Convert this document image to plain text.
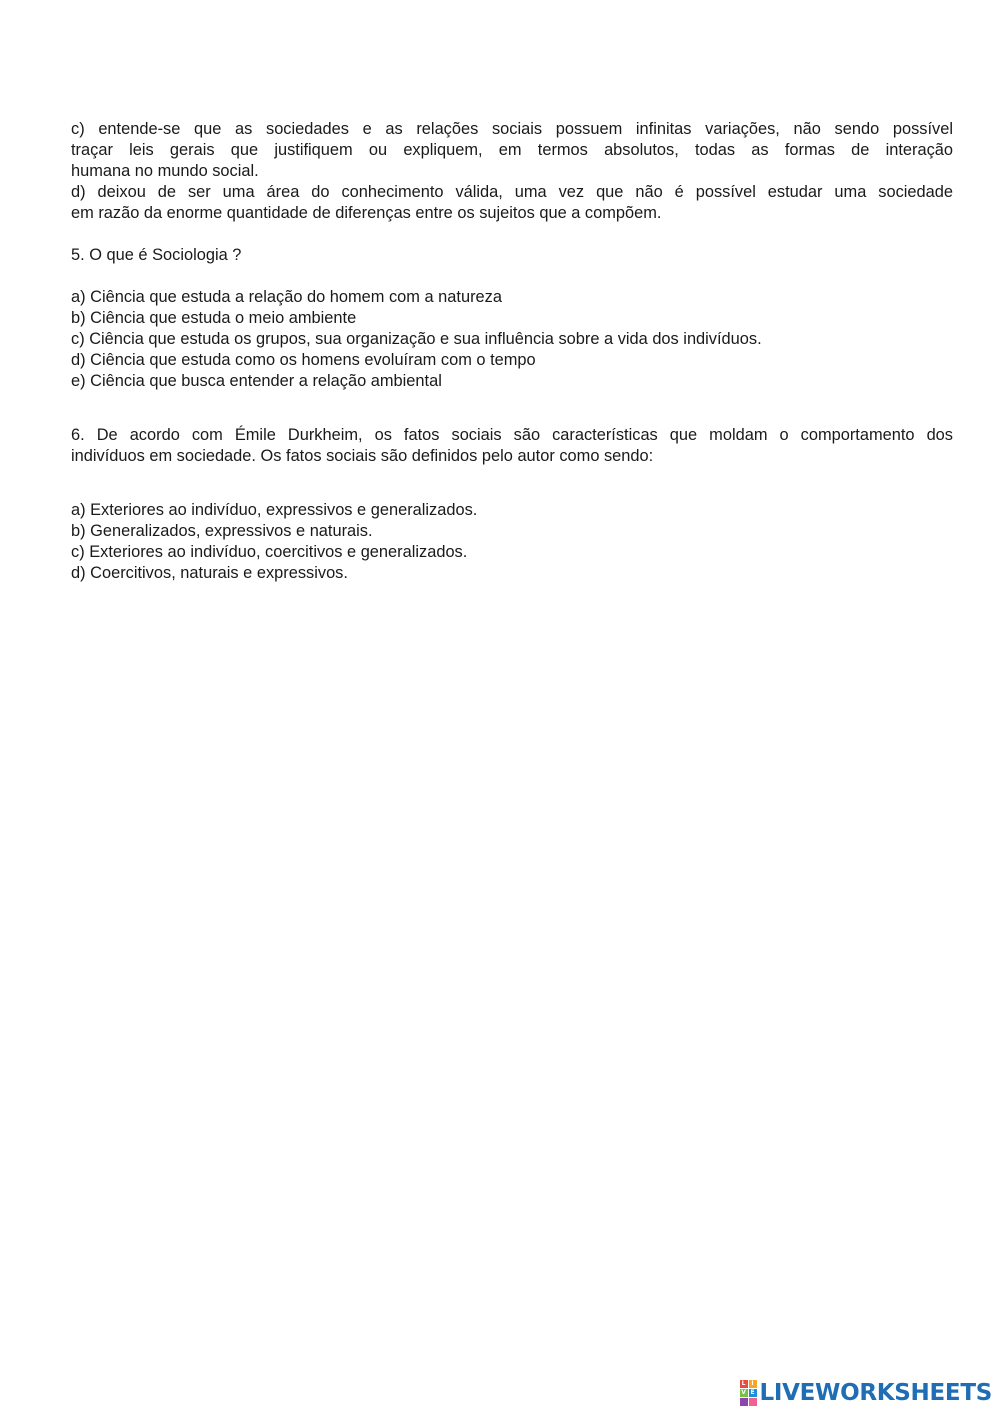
c) entende-se que as sociedades e as relações sociais possuem infinitas variações, não sendo possível
traçar leis gerais que justifiquem ou expliquem, em termos absolutos, todas as formas de interação
humana no mundo social.
d) deixou de ser uma área do conhecimento válida, uma vez que não é possível estudar uma sociedade
em razão da enorme quantidade de diferenças entre os sujeitos que a compõem.
5. O que é Sociologia ?
a) Ciência que estuda a relação do homem com a natureza
b) Ciência que estuda o meio ambiente
c) Ciência que estuda os grupos, sua organização e sua influência sobre a vida dos indivíduos.
d) Ciência que estuda como os homens evoluíram com o tempo
e) Ciência que busca entender a relação ambiental
6. De acordo com Émile Durkheim, os fatos sociais são características que moldam o comportamento dos
indivíduos em sociedade. Os fatos sociais são definidos pelo autor como sendo:
a) Exteriores ao indivíduo, expressivos e generalizados.
b) Generalizados, expressivos e naturais.
c) Exteriores ao indivíduo, coercitivos e generalizados.
d) Coercitivos, naturais e expressivos.
L I
V E LIVEWORKSHEETS
